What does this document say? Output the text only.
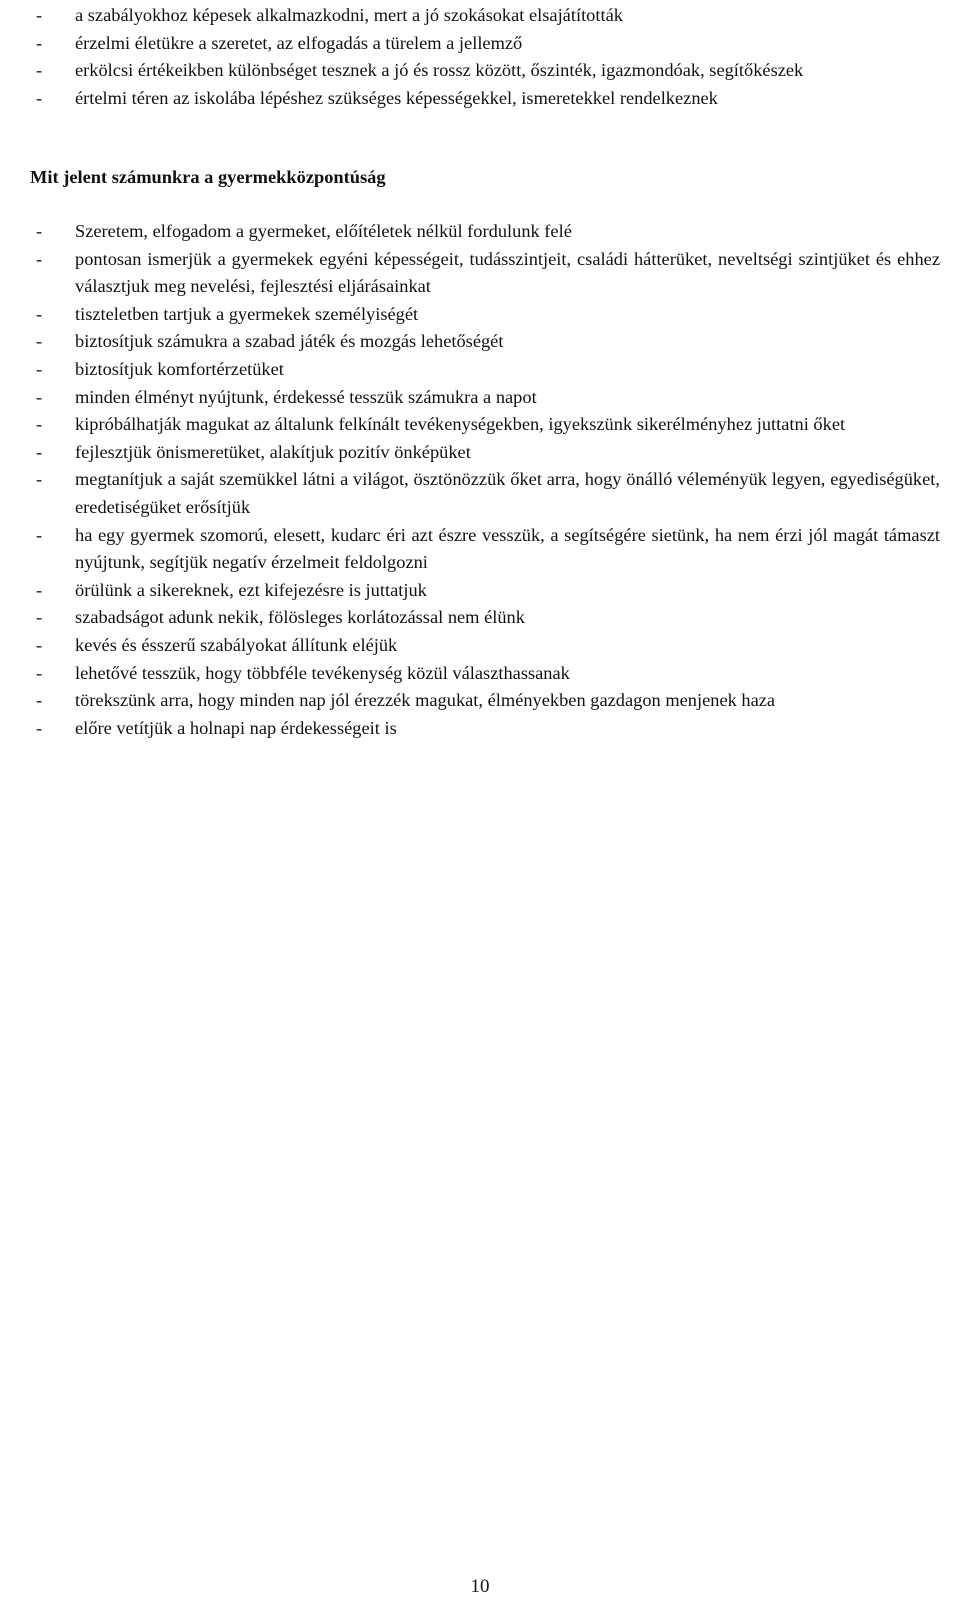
- a szabályokhoz képesek alkalmazkodni, mert a jó szokásokat elsajátították
- érzelmi életükre a szeretet, az elfogadás a türelem a jellemző
- erkölcsi értékeikben különbséget tesznek a jó és rossz között, őszinték, igazmondóak, segítőkészek
- értelmi téren az iskolába lépéshez szükséges képességekkel, ismeretekkel rendelkeznek
Mit jelent számunkra a gyermekközpontúság
- Szeretem, elfogadom a gyermeket, előítéletek nélkül fordulunk felé
- pontosan ismerjük a gyermekek egyéni képességeit, tudásszintjeit, családi hátterüket, neveltségi szintjüket és ehhez választjuk meg nevelési, fejlesztési eljárásainkat
- tiszteletben tartjuk a gyermekek személyiségét
- biztosítjuk számukra a szabad játék és mozgás lehetőségét
- biztosítjuk komfortérzetüket
- minden élményt nyújtunk, érdekessé tesszük számukra a napot
- kipróbálhatják magukat az általunk felkínált tevékenységekben, igyekszünk sikerélményhez juttatni őket
- fejlesztjük önismeretüket, alakítjuk pozitív önképüket
- megtanítjuk a saját szemükkel látni a világot, ösztönözzük őket arra, hogy önálló véleményük legyen, egyediségüket, eredetiségüket erősítjük
- ha egy gyermek szomorú, elesett, kudarc éri azt észre vesszük, a segítségére sietünk, ha nem érzi jól magát támaszt nyújtunk, segítjük negatív érzelmeit feldolgozni
- örülünk a sikereknek, ezt kifejezésre is juttatjuk
- szabadságot adunk nekik, fölösleges korlátozással nem élünk
- kevés és ésszerű szabályokat állítunk eléjük
- lehetővé tesszük, hogy többféle tevékenység közül választhassanak
- törekszünk arra, hogy minden nap jól érezzék magukat, élményekben gazdagon menjenek haza
- előre vetítjük a holnapi nap érdekességeit is
10
